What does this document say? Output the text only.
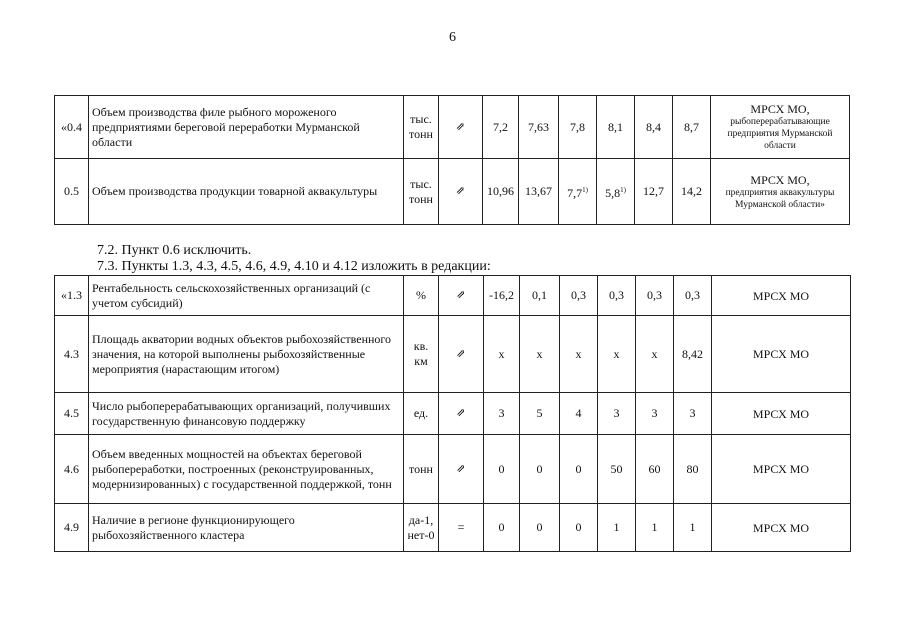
6
«0.4	Объем производства филе рыбного мороженого предприятиями береговой переработки Мурманской области	тыс. тонн	⇗	7,2	7,63	7,8	8,1	8,4	8,7	МРСХ МО,
рыбоперерабатывающие предприятия Мурманской области

0.5	Объем производства продукции товарной аквакультуры	тыс. тонн	⇗	10,96	13,67	7,7$^{1)}$	5,8$^{1)}$	12,7	14,2	МРСХ МО,
предприятия аквакультуры Мурманской области»
7.2. Пункт 0.6 исключить.
7.3. Пункты 1.3, 4.3, 4.5, 4.6, 4.9, 4.10 и 4.12 изложить в редакции:
«1.3	Рентабельность сельскохозяйственных организаций (с учетом субсидий)	%	⇗	-16,2	0,1	0,3	0,3	0,3	0,3	МРСХ МО
4.3	Площадь акватории водных объектов рыбохозяйственного значения, на которой выполнены рыбохозяйственные мероприятия (нарастающим итогом)	кв. км	⇗	x	x	x	x	x	8,42	МРСХ МО
4.5	Число рыбоперерабатывающих организаций, получивших государственную финансовую поддержку	ед.	⇗	3	5	4	3	3	3	МРСХ МО
4.6	Объем введенных мощностей на объектах береговой рыбопереработки, построенных (реконструированных, модернизированных) с государственной поддержкой, тонн	тонн	⇗	0	0	0	50	60	80	МРСХ МО
4.9	Наличие в регионе функционирующего рыбохозяйственного кластера	да-1, нет-0	=	0	0	0	1	1	1	МРСХ МО
